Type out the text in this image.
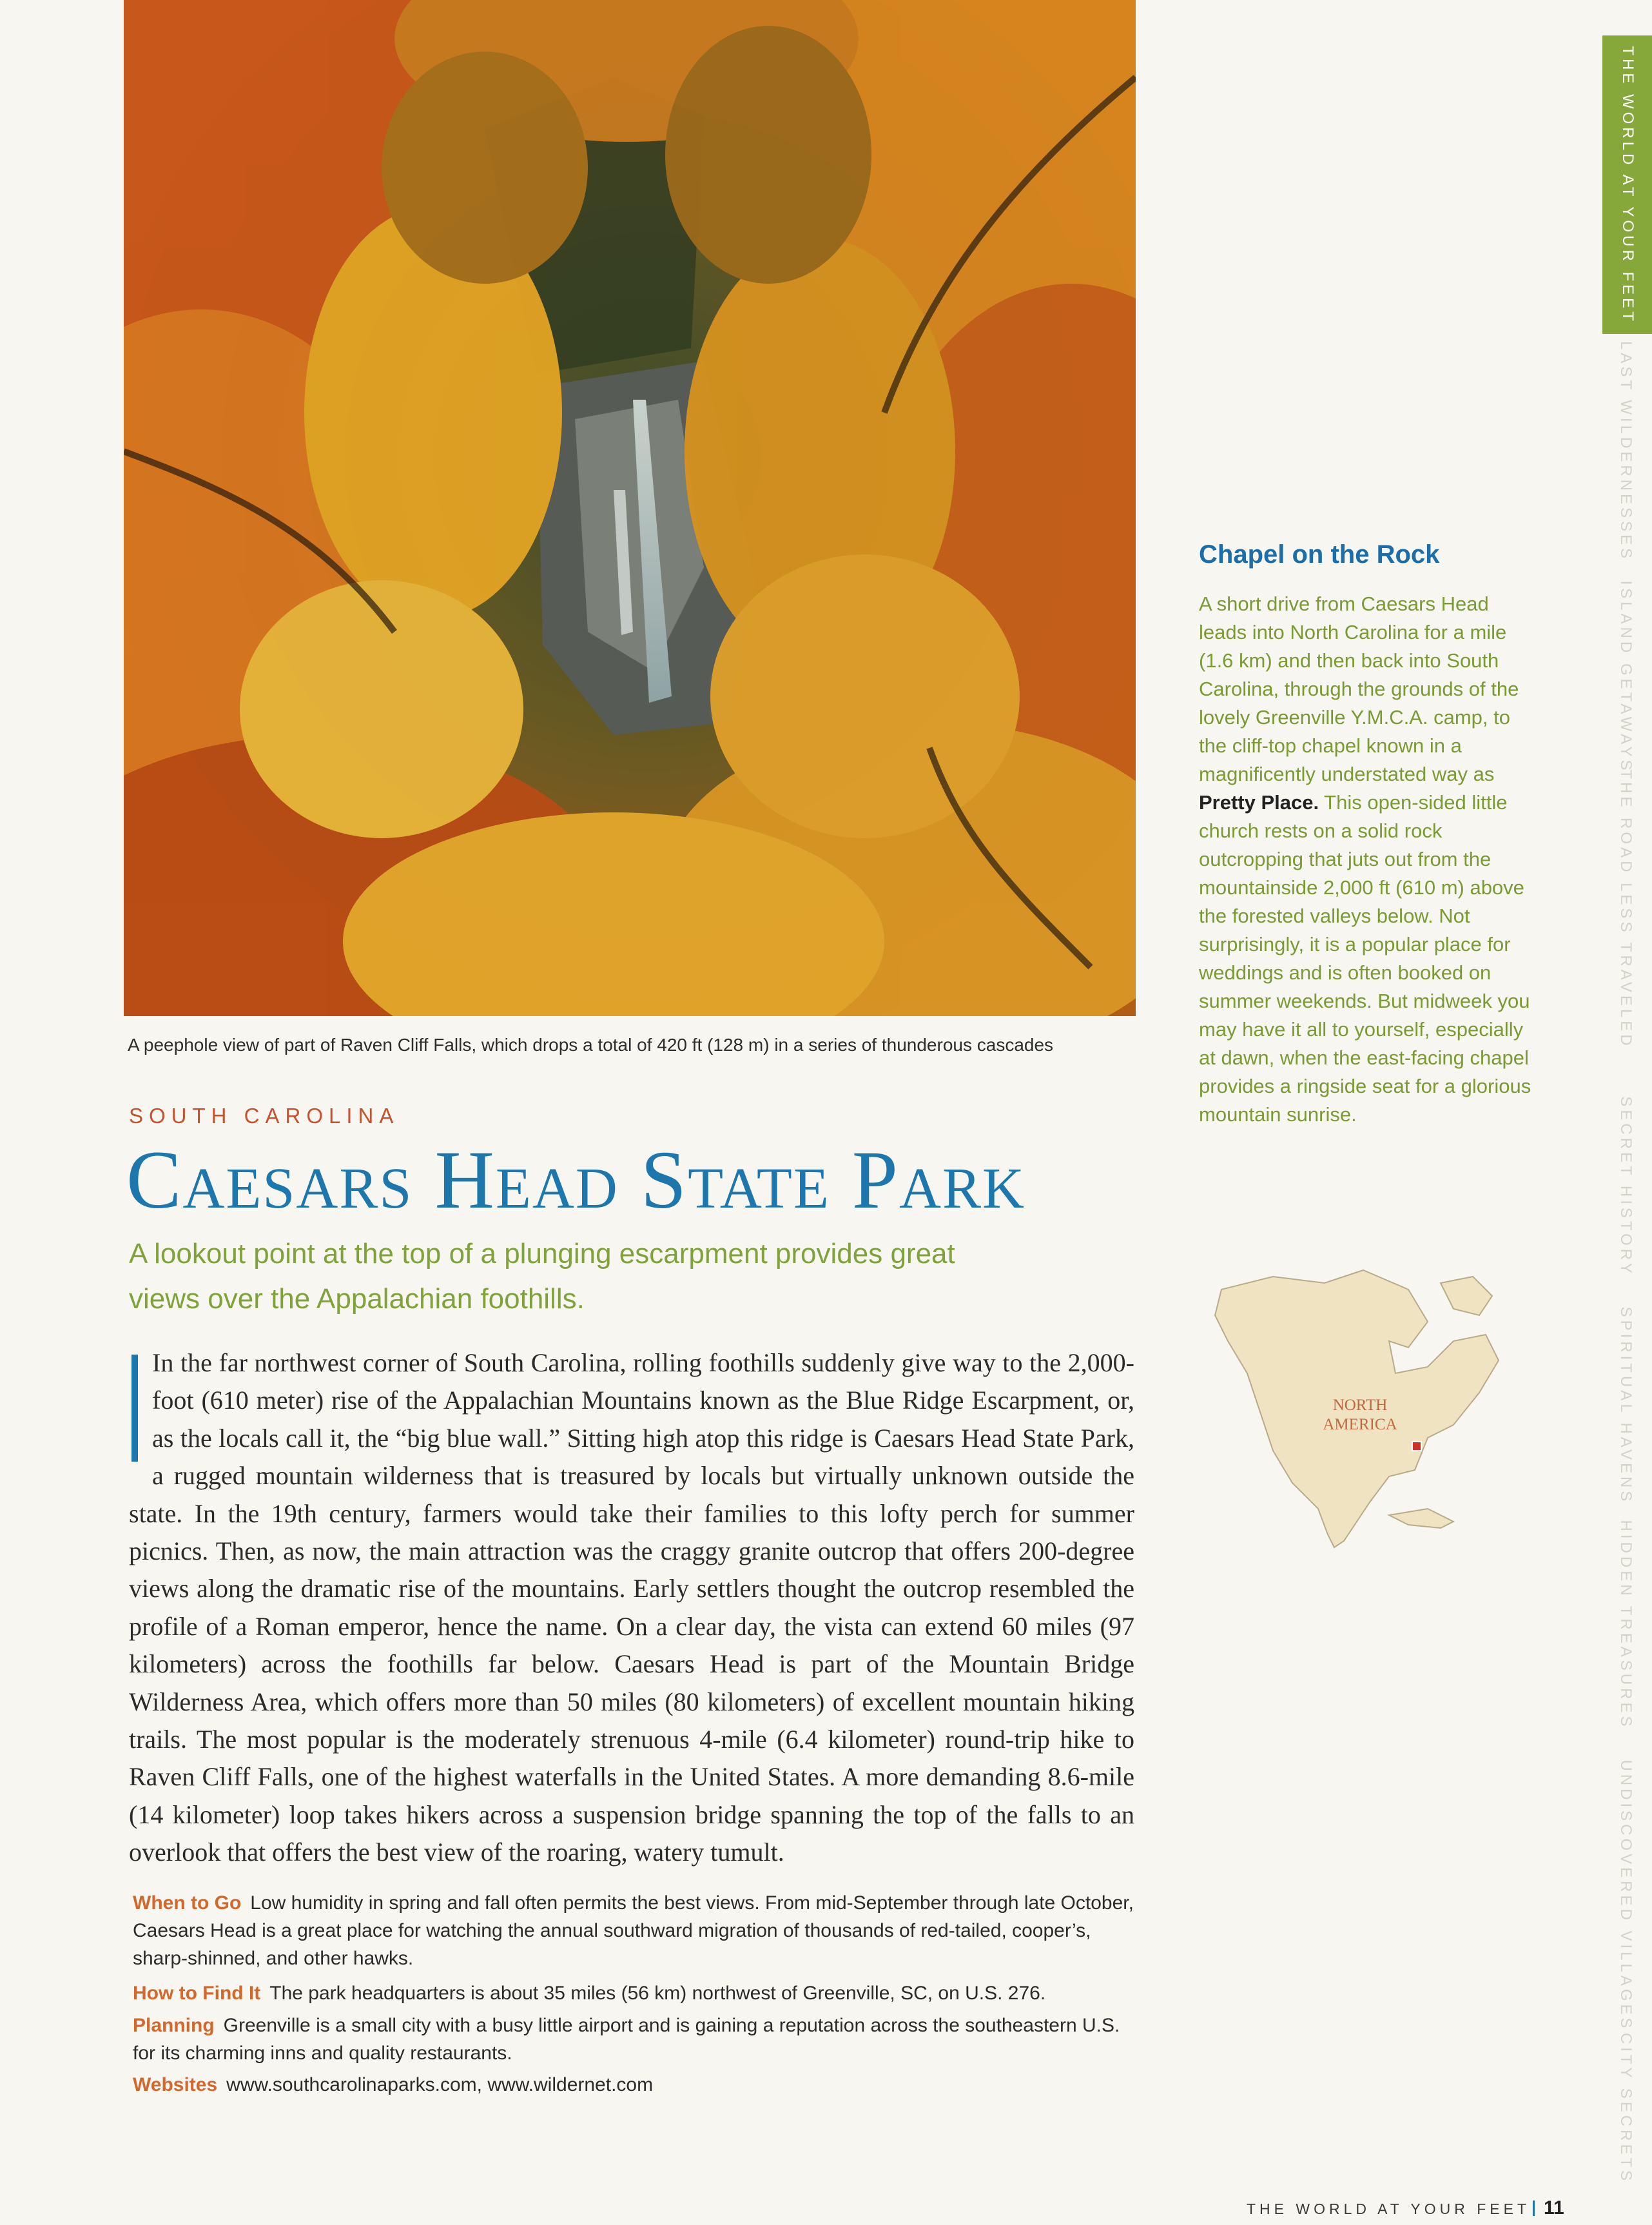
A peephole view of part of Raven Cliff Falls, which drops a total of 420 ft (128 m) in a series of thunderous cascades
SOUTH CAROLINA
Caesars Head State Park
A lookout point at the top of a plunging escarpment provides great views over the Appalachian foothills.

In the far northwest corner of South Carolina, rolling foothills suddenly give way to the 2,000-foot (610 meter) rise of the Appalachian Mountains known as the Blue Ridge Escarpment, or, as the locals call it, the “big blue wall.” Sitting high atop this ridge is Caesars Head State Park, a rugged mountain wilderness that is treasured by locals but virtually unknown outside the state. In the 19th century, farmers would take their families to this lofty perch for summer picnics. Then, as now, the main attraction was the craggy granite outcrop that offers 200-degree views along the dramatic rise of the mountains. Early settlers thought the outcrop resembled the profile of a Roman emperor, hence the name. On a clear day, the vista can extend 60 miles (97 kilometers) across the foothills far below. Caesars Head is part of the Mountain Bridge Wilderness Area, which offers more than 50 miles (80 kilometers) of excellent mountain hiking trails. The most popular is the moderately strenuous 4-mile (6.4 kilometer) round-trip hike to Raven Cliff Falls, one of the highest waterfalls in the United States. A more demanding 8.6-mile (14 kilometer) loop takes hikers across a suspension bridge spanning the top of the falls to an overlook that offers the best view of the roaring, watery tumult.

When to Go Low humidity in spring and fall often permits the best views. From mid-September through late October, Caesars Head is a great place for watching the annual southward migration of thousands of red-tailed, cooper’s, sharp-shinned, and other hawks.

How to Find It The park headquarters is about 35 miles (56 km) northwest of Greenville, SC, on U.S. 276.

Planning Greenville is a small city with a busy little airport and is gaining a reputation across the southeastern U.S. for its charming inns and quality restaurants.

Websites www.southcarolinaparks.com, www.wildernet.com

Chapel on the Rock

A short drive from Caesars Head leads into North Carolina for a mile (1.6 km) and then back into South Carolina, through the grounds of the lovely Greenville Y.M.C.A. camp, to the cliff-top chapel known in a magnificently understated way as Pretty Place. This open-sided little church rests on a solid rock outcropping that juts out from the mountainside 2,000 ft (610 m) above the forested valleys below. Not surprisingly, it is a popular place for weddings and is often booked on summer weekends. But midweek you may have it all to yourself, especially at dawn, when the east-facing chapel provides a ringside seat for a glorious mountain sunrise.

NORTH
AMERICA
THE WORLD AT YOUR FEET
LAST WILDERNESSES
ISLAND GETAWAYS
THE ROAD LESS TRAVELED
SECRET HISTORY
SPIRITUAL HAVENS
HIDDEN TREASURES
UNDISCOVERED VILLAGES
CITY SECRETS
THE WORLD AT YOUR FEET 11
